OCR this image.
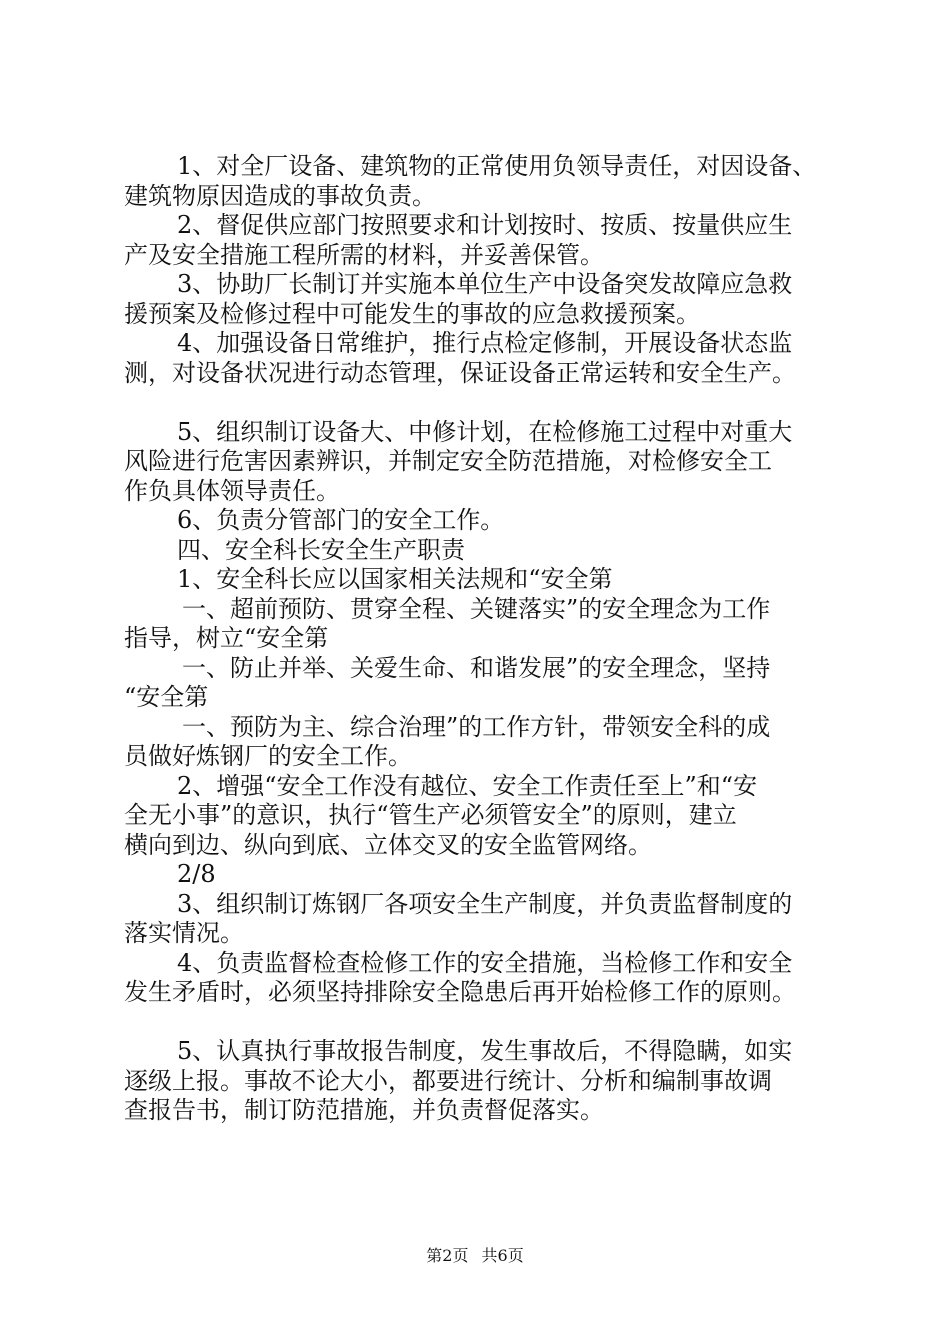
1、对全厂设备、建筑物的正常使用负领导责任，对因设备、
建筑物原因造成的事故负责。
2、督促供应部门按照要求和计划按时、按质、按量供应生
产及安全措施工程所需的材料，并妥善保管。
3、协助厂长制订并实施本单位生产中设备突发故障应急救
援预案及检修过程中可能发生的事故的应急救援预案。
4、加强设备日常维护，推行点检定修制，开展设备状态监
测，对设备状况进行动态管理，保证设备正常运转和安全生产。
5、组织制订设备大、中修计划，在检修施工过程中对重大
风险进行危害因素辨识，并制定安全防范措施，对检修安全工
作负具体领导责任。
6、负责分管部门的安全工作。
四、安全科长安全生产职责
1、安全科长应以国家相关法规和“安全第
一、超前预防、贯穿全程、关键落实”的安全理念为工作
指导，树立“安全第
一、防止并举、关爱生命、和谐发展”的安全理念，坚持
“安全第
一、预防为主、综合治理”的工作方针，带领安全科的成
员做好炼钢厂的安全工作。
2、增强“安全工作没有越位、安全工作责任至上”和“安
全无小事”的意识，执行“管生产必须管安全”的原则，建立
横向到边、纵向到底、立体交叉的安全监管网络。
2/8
3、组织制订炼钢厂各项安全生产制度，并负责监督制度的
落实情况。
4、负责监督检查检修工作的安全措施，当检修工作和安全
发生矛盾时，必须坚持排除安全隐患后再开始检修工作的原则。
5、认真执行事故报告制度，发生事故后，不得隐瞒，如实
逐级上报。事故不论大小，都要进行统计、分析和编制事故调
查报告书，制订防范措施，并负责督促落实。
第2页 共6页
